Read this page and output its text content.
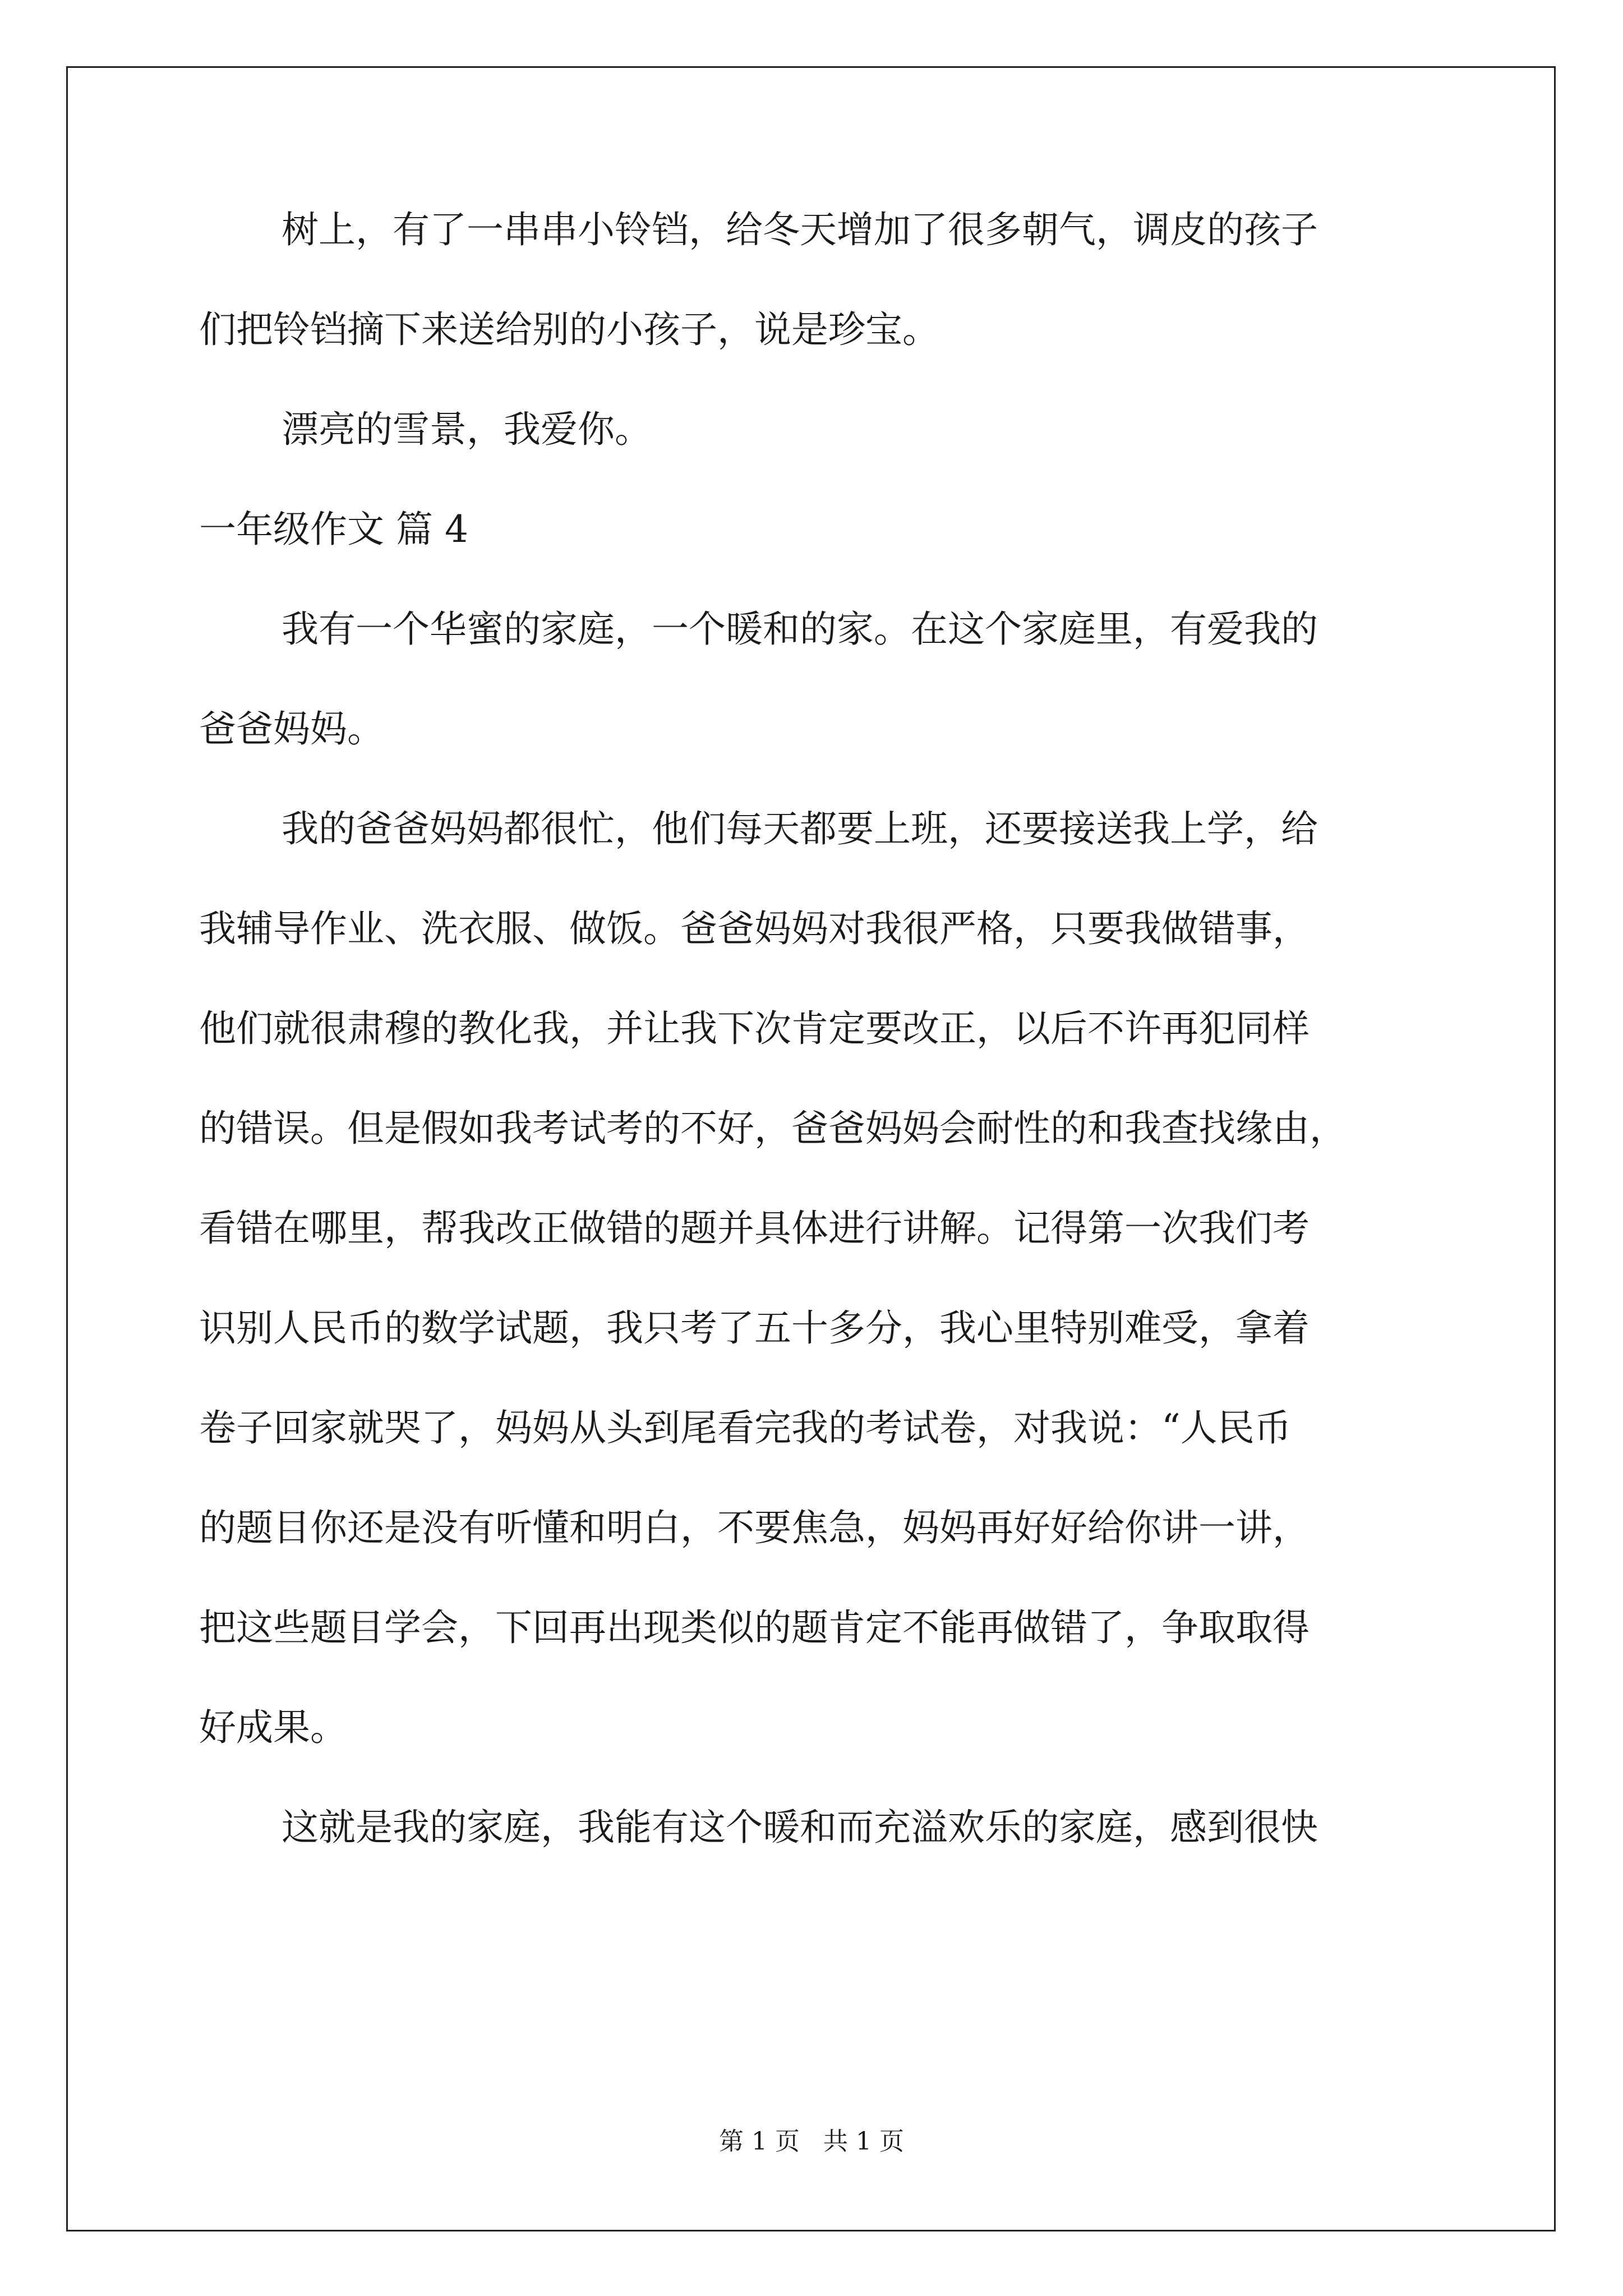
树上，有了一串串小铃铛，给冬天增加了很多朝气，调皮的孩子
们把铃铛摘下来送给别的小孩子，说是珍宝。
漂亮的雪景，我爱你。
一年级作文 篇 4
我有一个华蜜的家庭，一个暖和的家。在这个家庭里，有爱我的
爸爸妈妈。
我的爸爸妈妈都很忙，他们每天都要上班，还要接送我上学，给
我辅导作业、洗衣服、做饭。爸爸妈妈对我很严格，只要我做错事，
他们就很肃穆的教化我，并让我下次肯定要改正，以后不许再犯同样
的错误。但是假如我考试考的不好，爸爸妈妈会耐性的和我查找缘由，
看错在哪里，帮我改正做错的题并具体进行讲解。记得第一次我们考
识别人民币的数学试题，我只考了五十多分，我心里特别难受，拿着
卷子回家就哭了，妈妈从头到尾看完我的考试卷，对我说：“人民币
的题目你还是没有听懂和明白，不要焦急，妈妈再好好给你讲一讲，
把这些题目学会，下回再出现类似的题肯定不能再做错了，争取取得
好成果。
这就是我的家庭，我能有这个暖和而充溢欢乐的家庭，感到很快
第 1 页   共 1 页
